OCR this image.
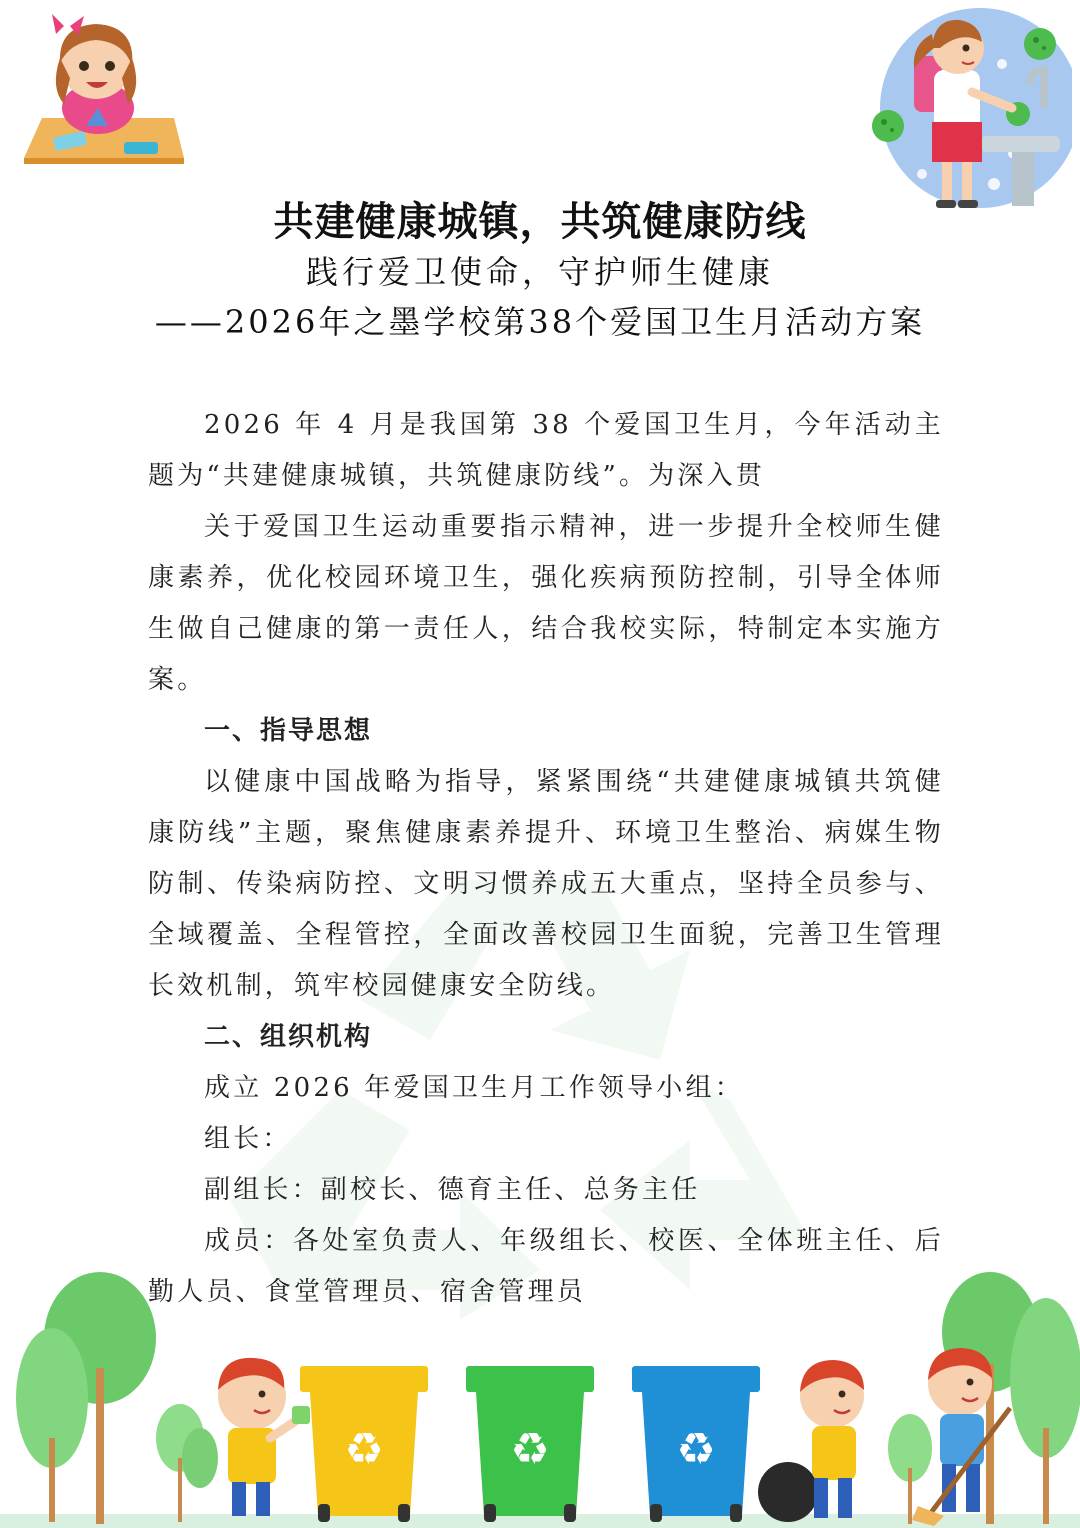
共建健康城镇，共筑健康防线
践行爱卫使命，守护师生健康
——2026年之墨学校第38个爱国卫生月活动方案

2026 年 4 月是我国第 38 个爱国卫生月，今年活动主题为“共建健康城镇，共筑健康防线”。为深入贯

关于爱国卫生运动重要指示精神，进一步提升全校师生健康素养，优化校园环境卫生，强化疾病预防控制，引导全体师生做自己健康的第一责任人，结合我校实际，特制定本实施方案。

一、指导思想

以健康中国战略为指导，紧紧围绕“共建健康城镇共筑健康防线”主题，聚焦健康素养提升、环境卫生整治、病媒生物防制、传染病防控、文明习惯养成五大重点，坚持全员参与、全域覆盖、全程管控，全面改善校园卫生面貌，完善卫生管理长效机制，筑牢校园健康安全防线。

二、组织机构

成立 2026 年爱国卫生月工作领导小组：

组长：

副组长：副校长、德育主任、总务主任

成员：各处室负责人、年级组长、校医、全体班主任、后勤人员、食堂管理员、宿舍管理员

♻	♻	♻
